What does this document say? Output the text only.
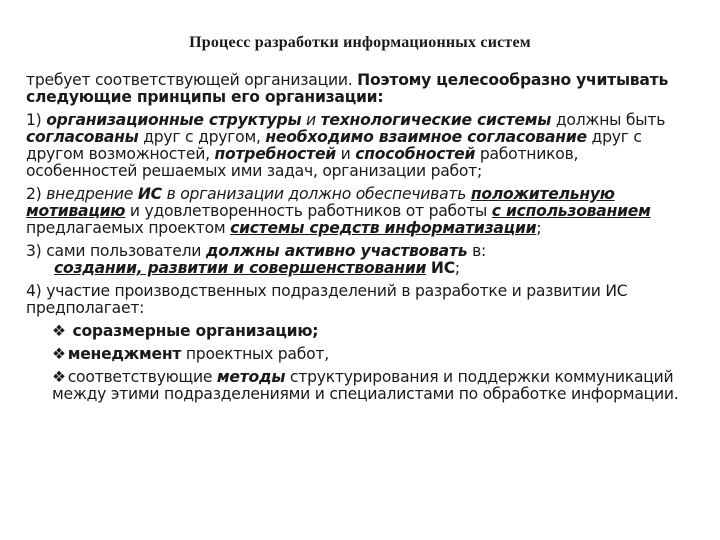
Процесс разработки информационных систем

требует соответствующей организации. Поэтому целесообразно учитывать следующие принципы его организации:

1) организационные структуры и технологические системы должны быть согласованы друг с другом, необходимо взаимное согласование друг с другом возможностей, потребностей и способностей работников, особенностей решаемых ими задач, организации работ;

2) внедрение ИС в организации должно обеспечивать положительную мотивацию и удовлетворенность работников от работы с использованием предлагаемых проектом системы средств информатизации;

3) сами пользователи должны активно участвовать в:
создании, развитии и совершенствовании ИС;

4) участие производственных подразделений в разработке и развитии ИС предполагает:

❖ соразмерные организацию;

❖ менеджмент проектных работ,

❖ соответствующие методы структурирования и поддержки коммуникаций между этими подразделениями и специалистами по обработке информации.
